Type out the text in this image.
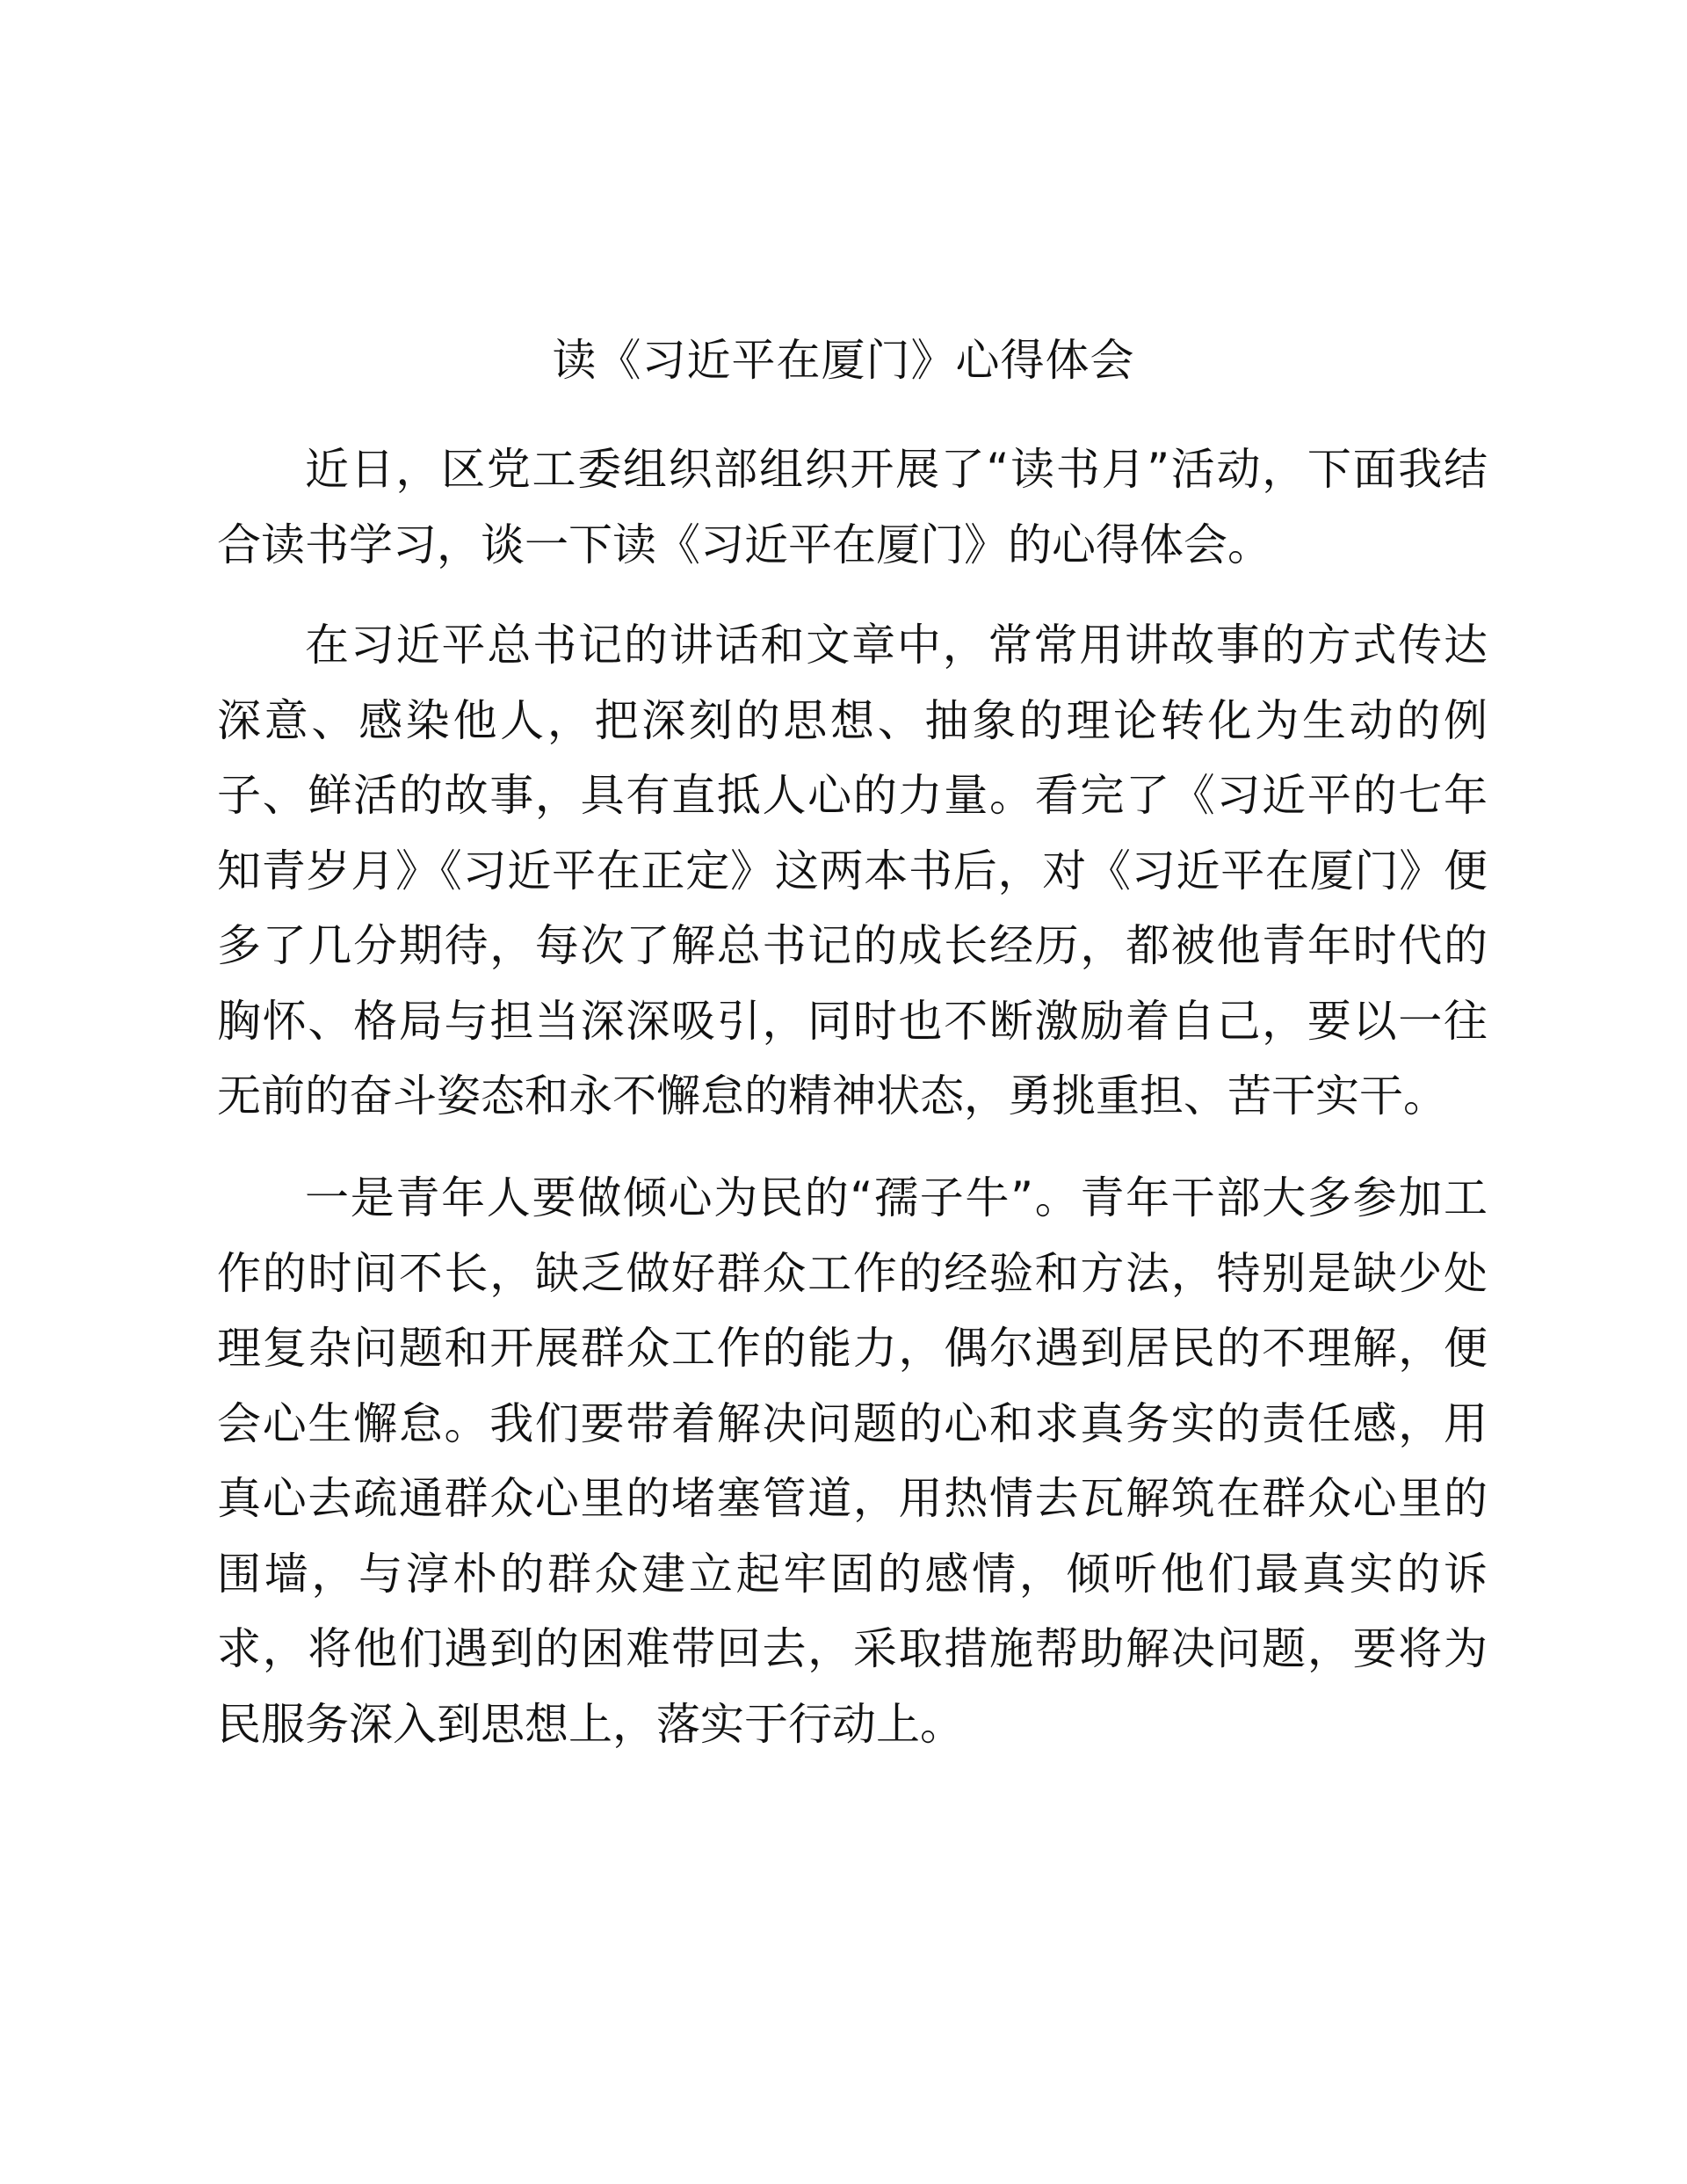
读《习近平在厦门》心得体会

近日，区党工委组织部组织开展了“读书月”活动，下面我结合读书学习，谈一下读《习近平在厦门》的心得体会。

在习近平总书记的讲话和文章中，常常用讲故事的方式传达深意、感染他人，把深刻的思想、抽象的理论转化为生动的例子、鲜活的故事，具有直抵人心的力量。看完了《习近平的七年知青岁月》《习近平在正定》这两本书后，对《习近平在厦门》便多了几分期待，每次了解总书记的成长经历，都被他青年时代的胸怀、格局与担当深深吸引，同时也不断激励着自己，要以一往无前的奋斗姿态和永不懈怠的精神状态，勇挑重担、苦干实干。

一是青年人要做倾心为民的“孺子牛”。青年干部大多参加工作的时间不长，缺乏做好群众工作的经验和方法，特别是缺少处理复杂问题和开展群众工作的能力，偶尔遇到居民的不理解，便会心生懈怠。我们要带着解决问题的心和求真务实的责任感，用真心去疏通群众心里的堵塞管道，用热情去瓦解筑在群众心里的围墙，与淳朴的群众建立起牢固的感情，倾听他们最真实的诉求，将他们遇到的困难带回去，采取措施帮助解决问题，要将为民服务深入到思想上，落实于行动上。
